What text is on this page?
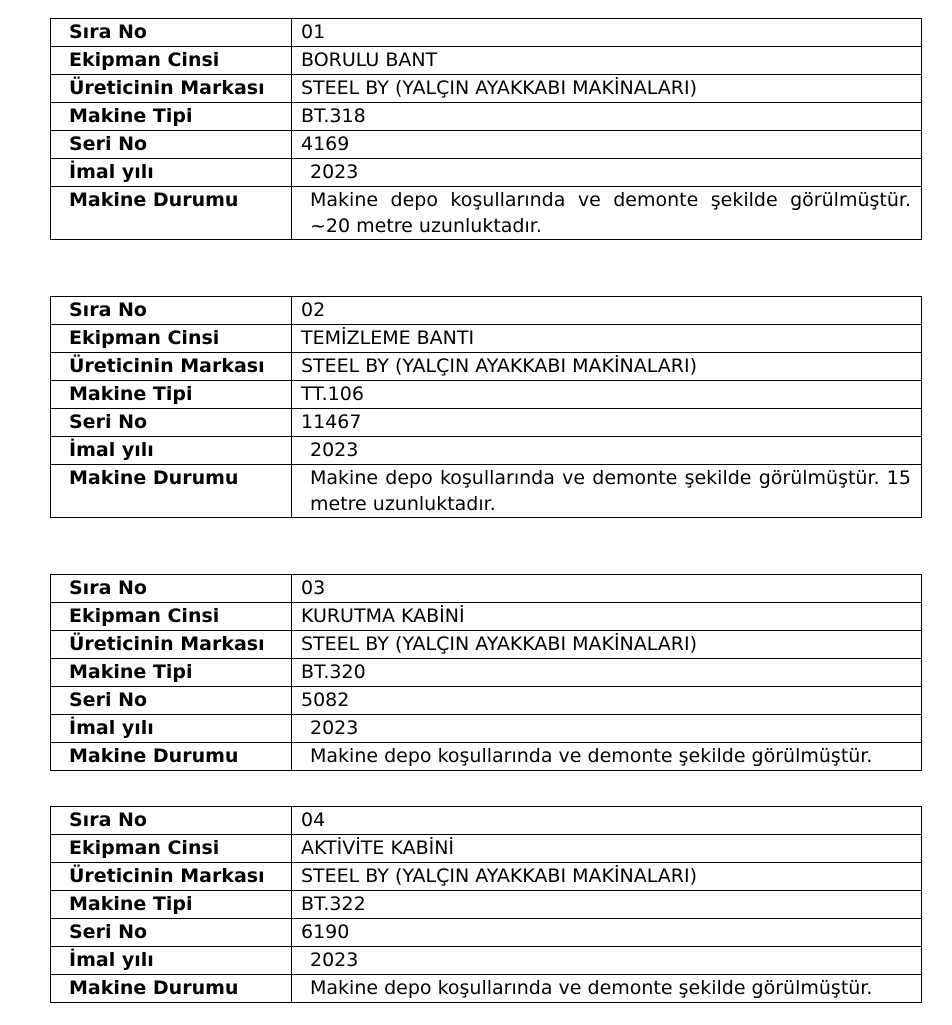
Sıra No	01
Ekipman Cinsi	BORULU BANT
Üreticinin Markası	STEEL BY (YALÇIN AYAKKABI MAKİNALARI)
Makine Tipi	BT.318
Seri No	4169
İmal yılı	2023
Makine Durumu	Makine depo koşullarında ve demonte şekilde görülmüştür. ~20 metre uzunluktadır.
Sıra No	02
Ekipman Cinsi	TEMİZLEME BANTI
Üreticinin Markası	STEEL BY (YALÇIN AYAKKABI MAKİNALARI)
Makine Tipi	TT.106
Seri No	11467
İmal yılı	2023
Makine Durumu	Makine depo koşullarında ve demonte şekilde görülmüştür. 15 metre uzunluktadır.
Sıra No	03
Ekipman Cinsi	KURUTMA KABİNİ
Üreticinin Markası	STEEL BY (YALÇIN AYAKKABI MAKİNALARI)
Makine Tipi	BT.320
Seri No	5082
İmal yılı	2023
Makine Durumu	Makine depo koşullarında ve demonte şekilde görülmüştür.
Sıra No	04
Ekipman Cinsi	AKTİVİTE KABİNİ
Üreticinin Markası	STEEL BY (YALÇIN AYAKKABI MAKİNALARI)
Makine Tipi	BT.322
Seri No	6190
İmal yılı	2023
Makine Durumu	Makine depo koşullarında ve demonte şekilde görülmüştür.
